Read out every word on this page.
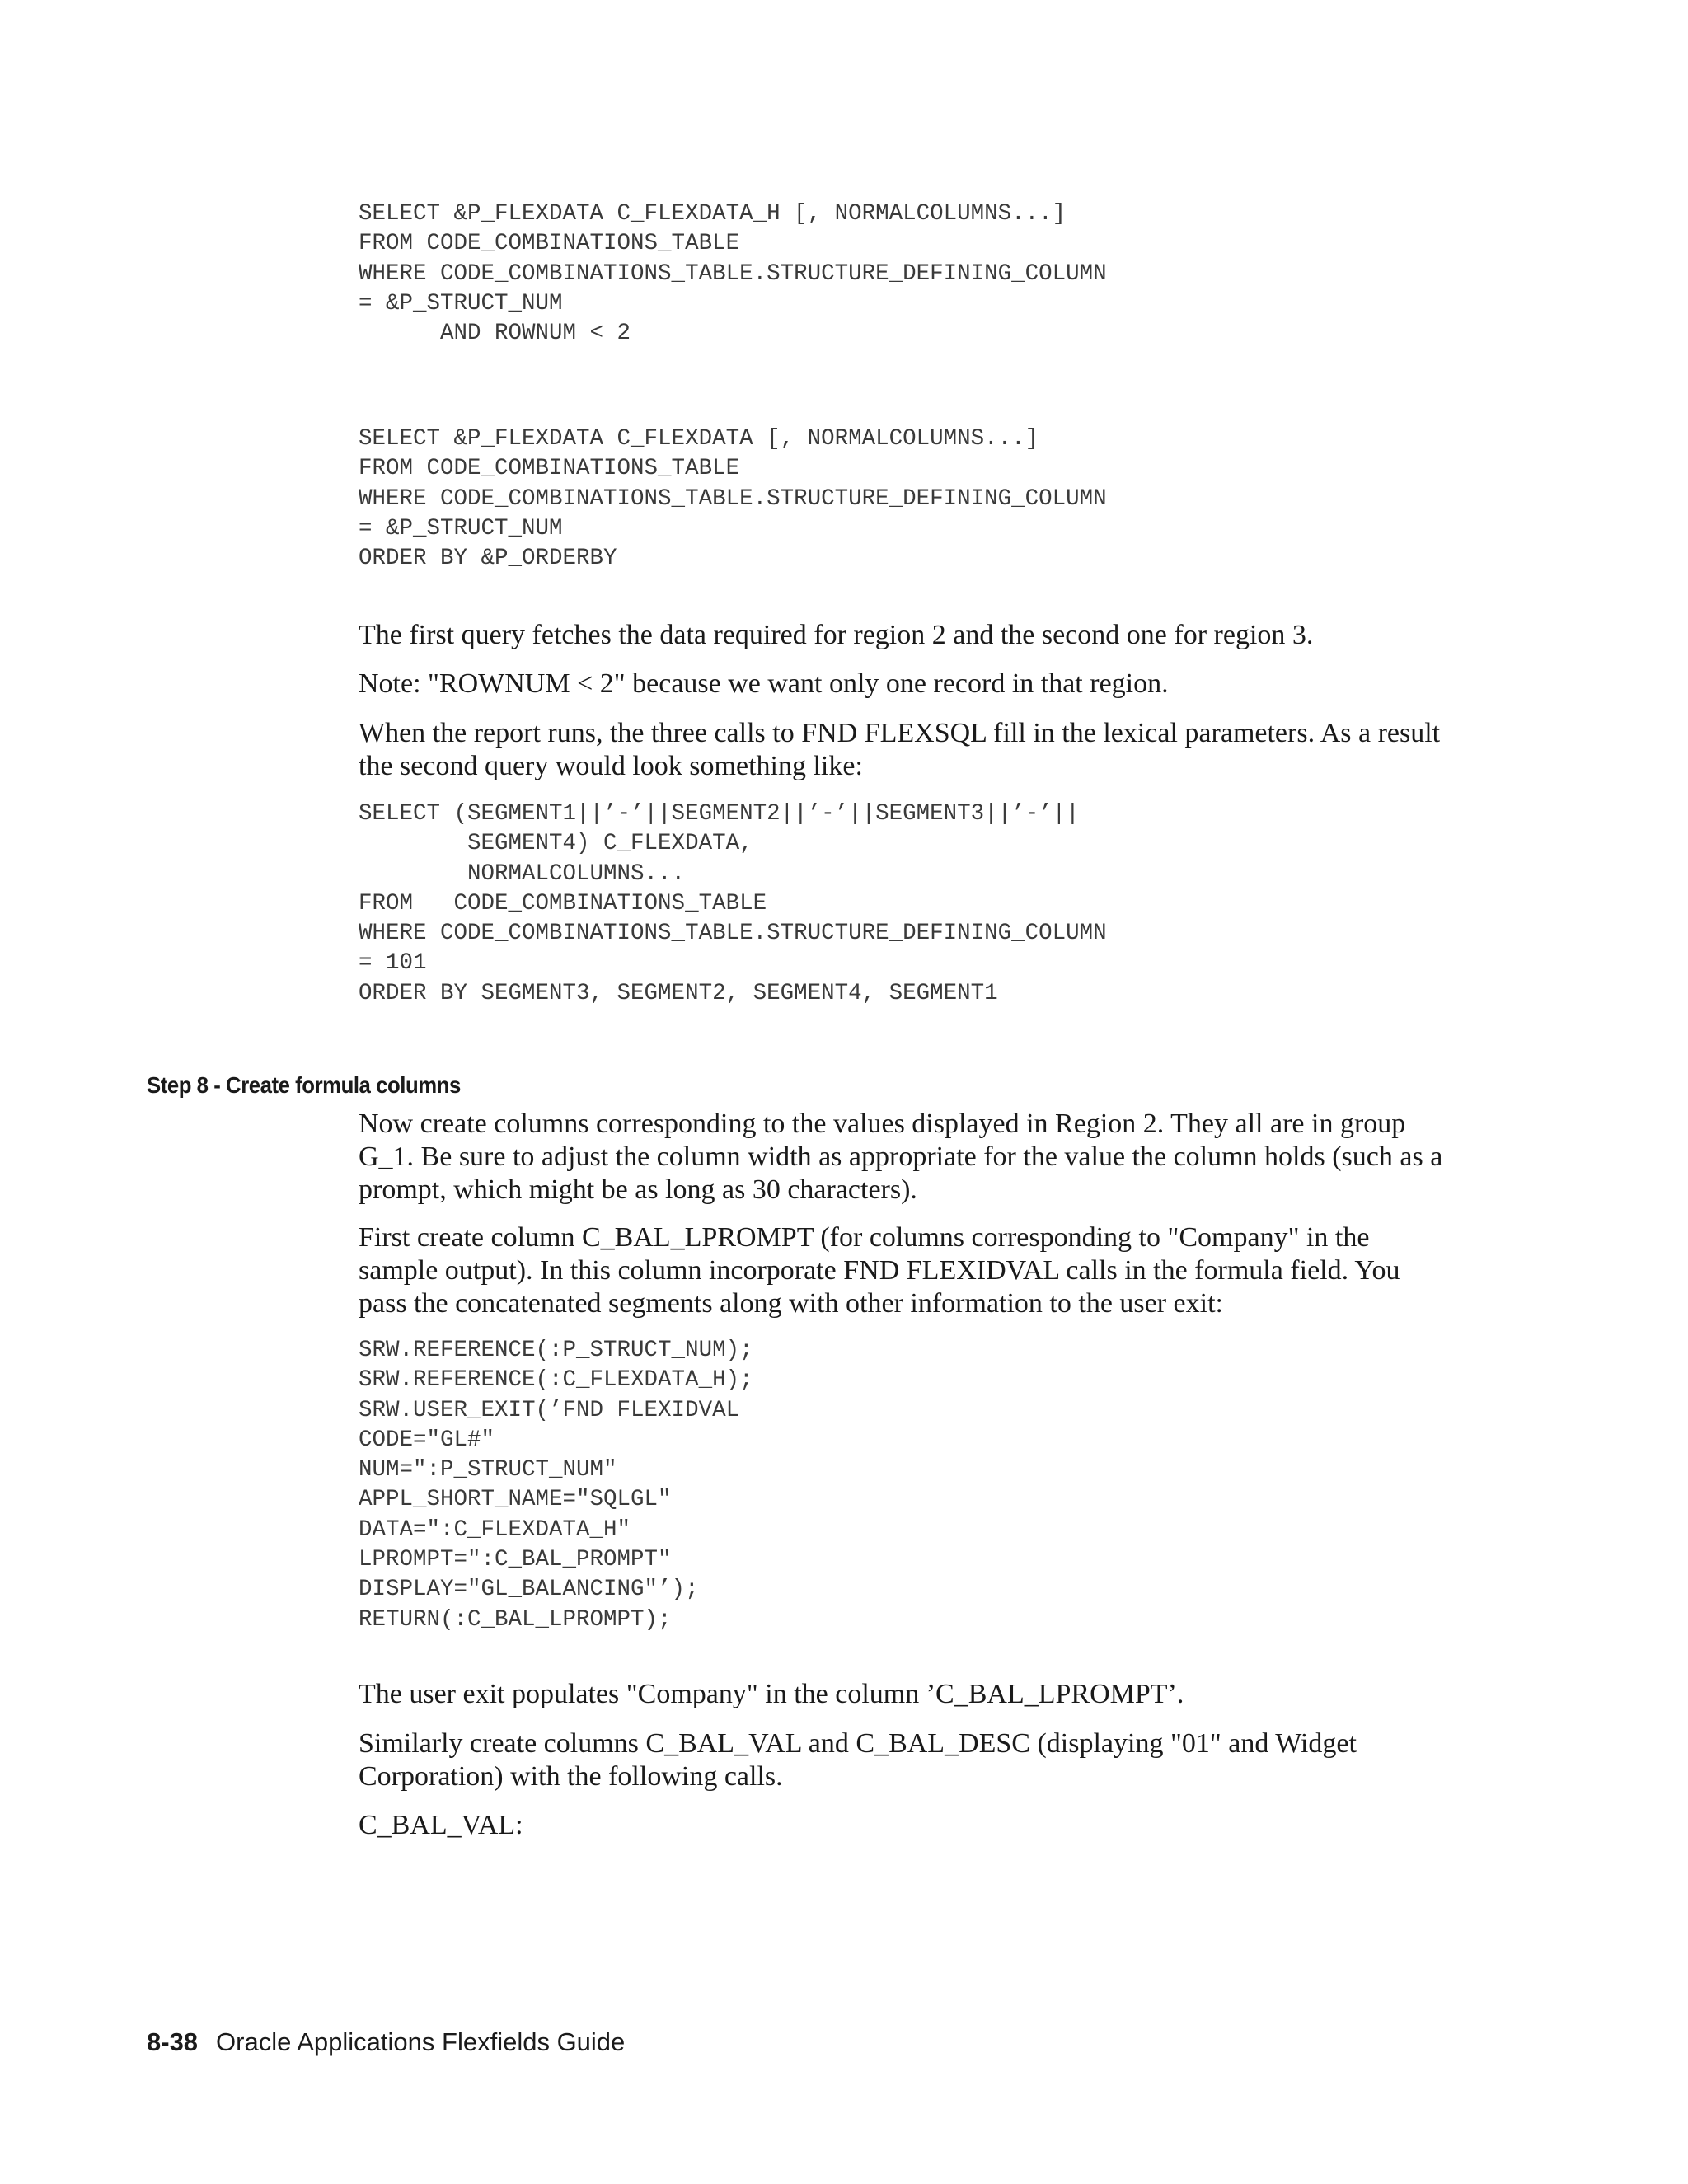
SELECT &P_FLEXDATA C_FLEXDATA_H [, NORMALCOLUMNS...]
FROM CODE_COMBINATIONS_TABLE
WHERE CODE_COMBINATIONS_TABLE.STRUCTURE_DEFINING_COLUMN
= &P_STRUCT_NUM
AND ROWNUM < 2
SELECT &P_FLEXDATA C_FLEXDATA [, NORMALCOLUMNS...]
FROM CODE_COMBINATIONS_TABLE
WHERE CODE_COMBINATIONS_TABLE.STRUCTURE_DEFINING_COLUMN
= &P_STRUCT_NUM
ORDER BY &P_ORDERBY

The first query fetches the data required for region 2 and the second one for region 3.

Note: "ROWNUM < 2" because we want only one record in that region.

When the report runs, the three calls to FND FLEXSQL fill in the lexical parameters. As a result the second query would look something like:

SELECT (SEGMENT1||’-’||SEGMENT2||’-’||SEGMENT3||’-’||
SEGMENT4) C_FLEXDATA,
NORMALCOLUMNS...
FROM   CODE_COMBINATIONS_TABLE
WHERE CODE_COMBINATIONS_TABLE.STRUCTURE_DEFINING_COLUMN
= 101
ORDER BY SEGMENT3, SEGMENT2, SEGMENT4, SEGMENT1
Step 8 - Create formula columns

Now create columns corresponding to the values displayed in Region 2. They all are in group G_1. Be sure to adjust the column width as appropriate for the value the column holds (such as a prompt, which might be as long as 30 characters).

First create column C_BAL_LPROMPT (for columns corresponding to "Company" in the sample output). In this column incorporate FND FLEXIDVAL calls in the formula field. You pass the concatenated segments along with other information to the user exit:

SRW.REFERENCE(:P_STRUCT_NUM);
SRW.REFERENCE(:C_FLEXDATA_H);
SRW.USER_EXIT(’FND FLEXIDVAL
CODE="GL#"
NUM=":P_STRUCT_NUM"
APPL_SHORT_NAME="SQLGL"
DATA=":C_FLEXDATA_H"
LPROMPT=":C_BAL_PROMPT"
DISPLAY="GL_BALANCING"’);
RETURN(:C_BAL_LPROMPT);

The user exit populates "Company" in the column ’C_BAL_LPROMPT’.

Similarly create columns C_BAL_VAL and C_BAL_DESC (displaying "01" and Widget Corporation) with the following calls.

C_BAL_VAL:

8-38 Oracle Applications Flexfields Guide
